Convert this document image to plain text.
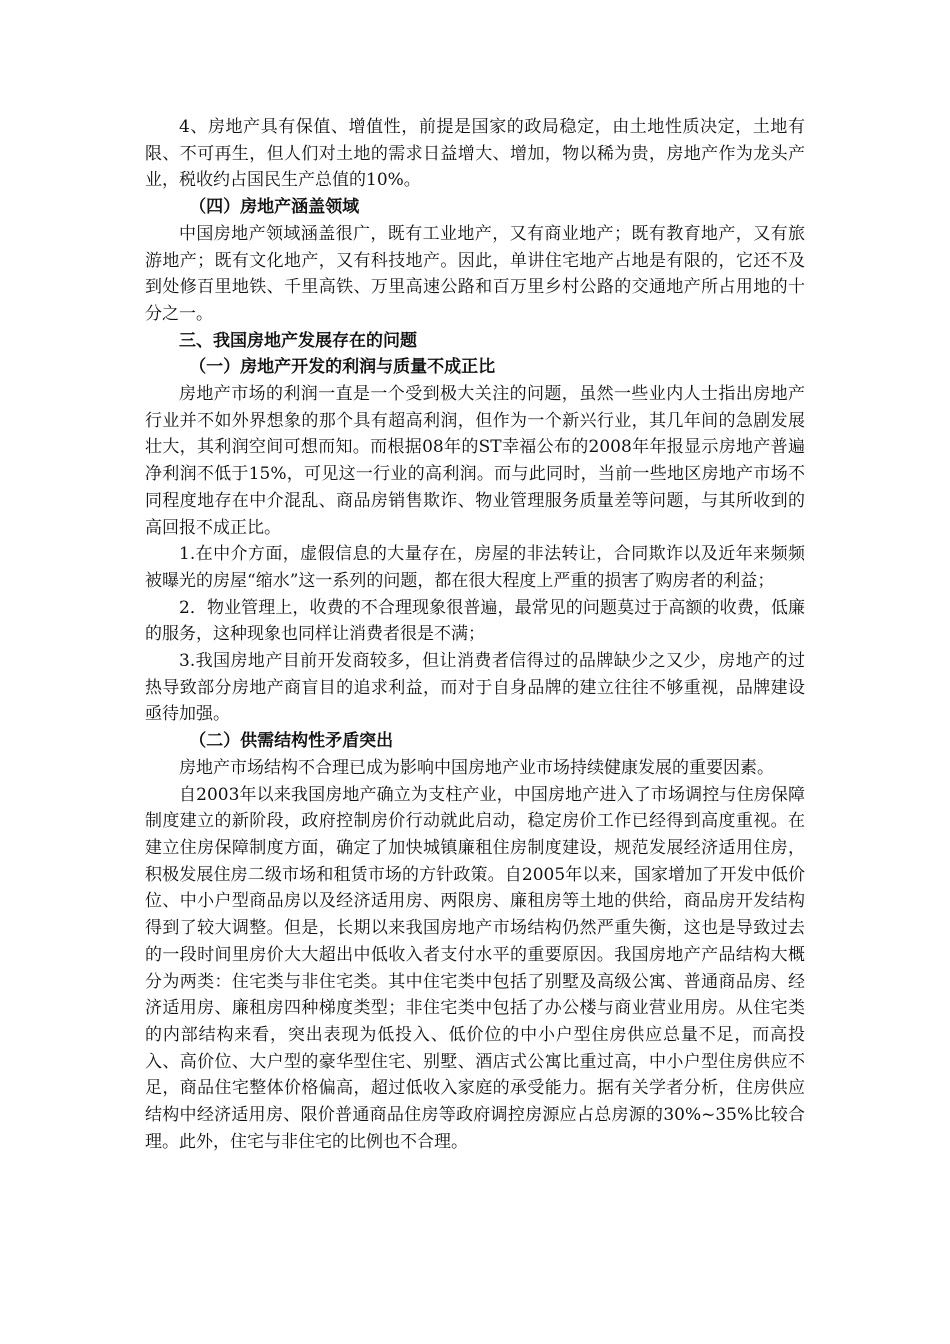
4、房地产具有保值、增值性，前提是国家的政局稳定，由土地性质决定，土地有限、不可再生，但人们对土地的需求日益增大、增加，物以稀为贵，房地产作为龙头产业，税收约占国民生产总值的10%。

（四）房地产涵盖领域

中国房地产领域涵盖很广，既有工业地产，又有商业地产；既有教育地产，又有旅游地产；既有文化地产，又有科技地产。因此，单讲住宅地产占地是有限的，它还不及到处修百里地铁、千里高铁、万里高速公路和百万里乡村公路的交通地产所占用地的十分之一。

三、我国房地产发展存在的问题
（一）房地产开发的利润与质量不成正比

房地产市场的利润一直是一个受到极大关注的问题，虽然一些业内人士指出房地产行业并不如外界想象的那个具有超高利润，但作为一个新兴行业，其几年间的急剧发展壮大，其利润空间可想而知。而根据08年的ST幸福公布的2008年年报显示房地产普遍净利润不低于15%，可见这一行业的高利润。而与此同时，当前一些地区房地产市场不同程度地存在中介混乱、商品房销售欺诈、物业管理服务质量差等问题，与其所收到的高回报不成正比。

1.在中介方面，虚假信息的大量存在，房屋的非法转让，合同欺诈以及近年来频频被曝光的房屋“缩水”这一系列的问题，都在很大程度上严重的损害了购房者的利益；

2．物业管理上，收费的不合理现象很普遍，最常见的问题莫过于高额的收费，低廉的服务，这种现象也同样让消费者很是不满；

3.我国房地产目前开发商较多，但让消费者信得过的品牌缺少之又少，房地产的过热导致部分房地产商盲目的追求利益，而对于自身品牌的建立往往不够重视，品牌建设亟待加强。

（二）供需结构性矛盾突出

房地产市场结构不合理已成为影响中国房地产业市场持续健康发展的重要因素。

自2003年以来我国房地产确立为支柱产业，中国房地产进入了市场调控与住房保障制度建立的新阶段，政府控制房价行动就此启动，稳定房价工作已经得到高度重视。在建立住房保障制度方面，确定了加快城镇廉租住房制度建设，规范发展经济适用住房，积极发展住房二级市场和租赁市场的方针政策。自2005年以来，国家增加了开发中低价位、中小户型商品房以及经济适用房、两限房、廉租房等土地的供给，商品房开发结构得到了较大调整。但是，长期以来我国房地产市场结构仍然严重失衡，这也是导致过去的一段时间里房价大大超出中低收入者支付水平的重要原因。我国房地产产品结构大概分为两类：住宅类与非住宅类。其中住宅类中包括了别墅及高级公寓、普通商品房、经济适用房、廉租房四种梯度类型；非住宅类中包括了办公楼与商业营业用房。从住宅类的内部结构来看，突出表现为低投入、低价位的中小户型住房供应总量不足，而高投入、高价位、大户型的豪华型住宅、别墅、酒店式公寓比重过高，中小户型住房供应不足，商品住宅整体价格偏高，超过低收入家庭的承受能力。据有关学者分析，住房供应结构中经济适用房、限价普通商品住房等政府调控房源应占总房源的30%~35%比较合理。此外，住宅与非住宅的比例也不合理。
